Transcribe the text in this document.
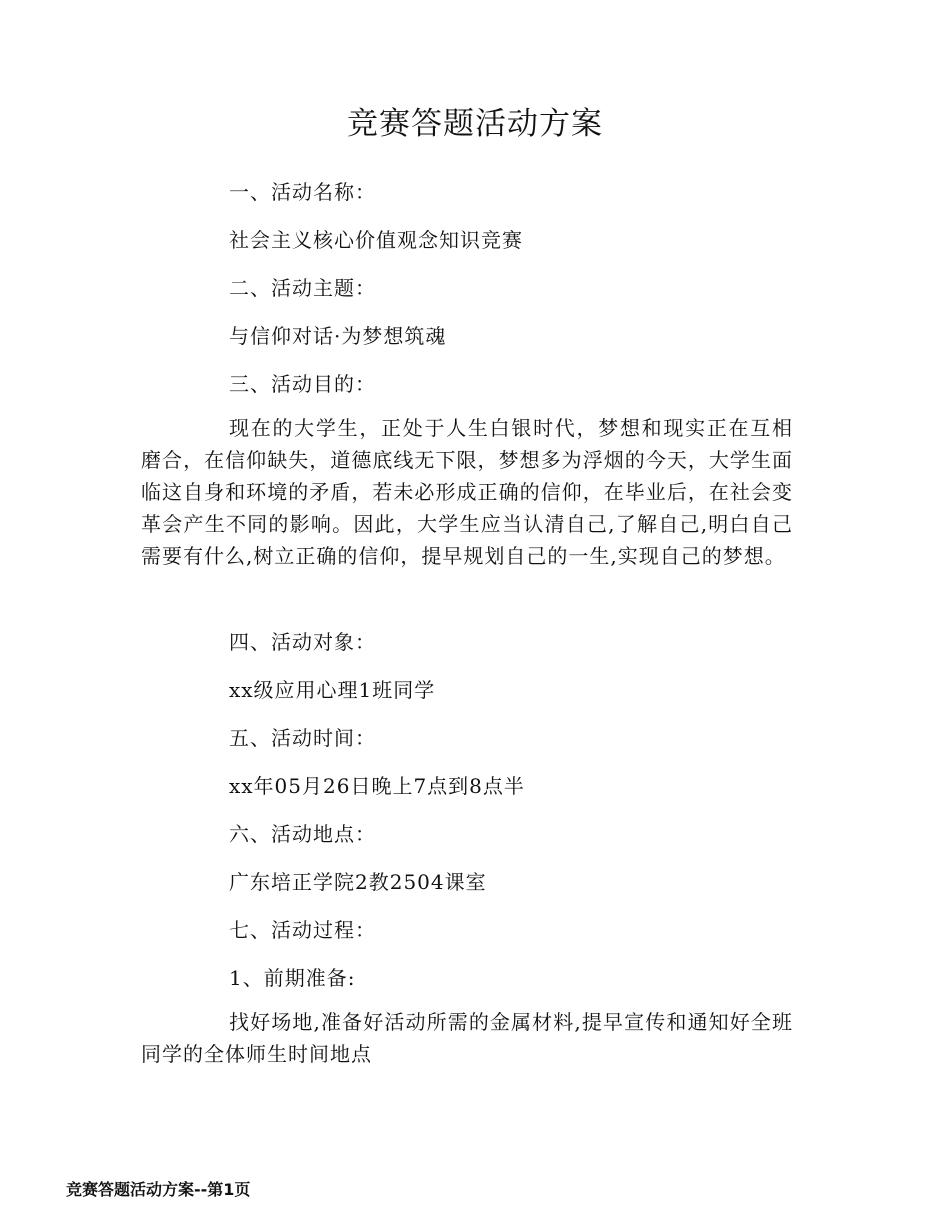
竞赛答题活动方案

一、活动名称：

社会主义核心价值观念知识竞赛

二、活动主题：

与信仰对话·为梦想筑魂

三、活动目的：

现在的大学生，正处于人生白银时代，梦想和现实正在互相磨合，在信仰缺失，道德底线无下限，梦想多为浮烟的今天，大学生面临这自身和环境的矛盾，若未必形成正确的信仰，在毕业后，在社会变革会产生不同的影响。因此，大学生应当认清自己,了解自己,明白自己需要有什么,树立正确的信仰，提早规划自己的一生,实现自己的梦想。

四、活动对象：

xx级应用心理1班同学

五、活动时间：

xx年05月26日晚上7点到8点半

六、活动地点：

广东培正学院2教2504课室

七、活动过程：

1、前期准备:

找好场地,准备好活动所需的金属材料,提早宣传和通知好全班同学的全体师生时间地点

竞赛答题活动方案--第1页
